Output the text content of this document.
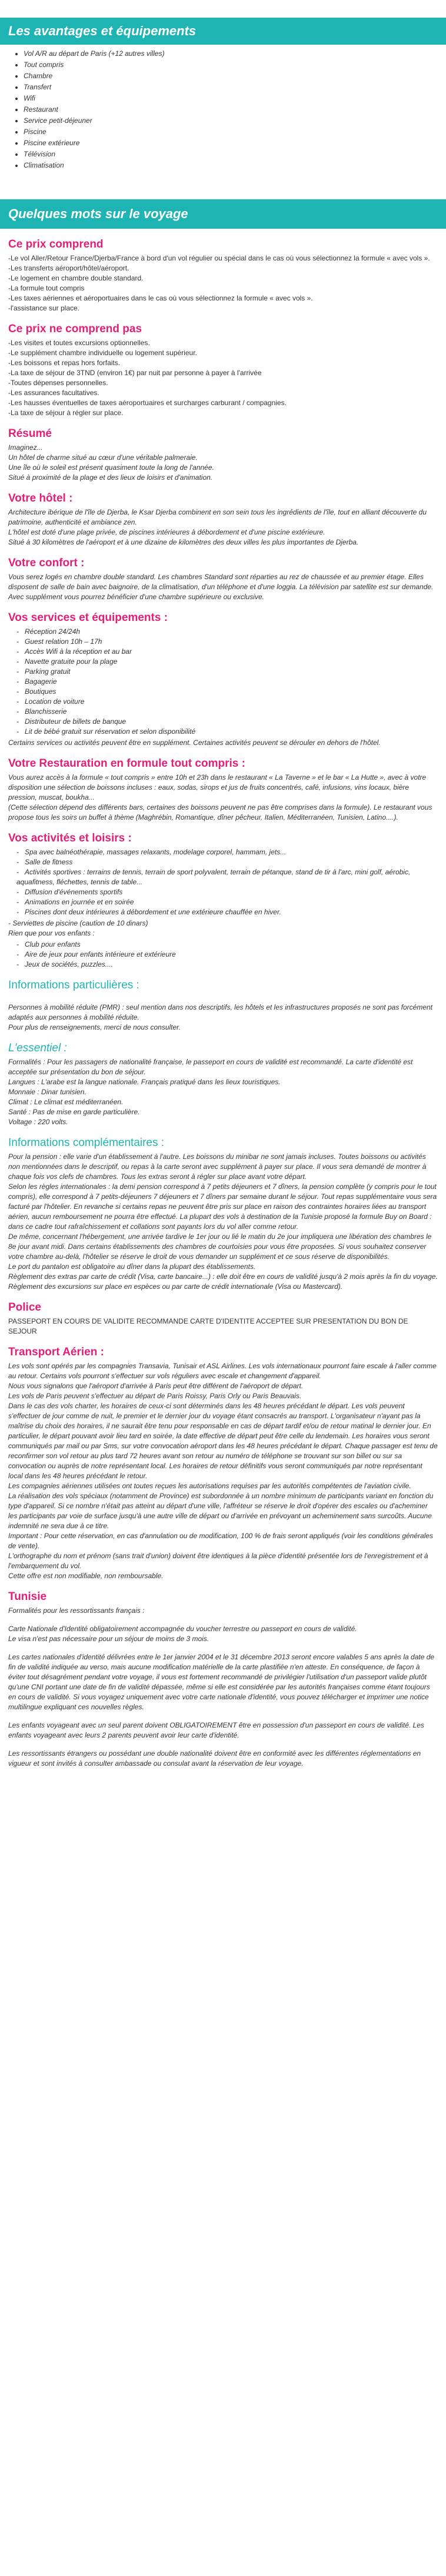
Les avantages et équipements
• Vol A/R au départ de Paris (+12 autres villes)
• Tout compris
• Chambre
• Transfert
• Wifi
• Restaurant
• Service petit-déjeuner
• Piscine
• Piscine extérieure
• Télévision
• Climatisation
Quelques mots sur le voyage
Ce prix comprend

-Le vol Aller/Retour France/Djerba/France à bord d'un vol régulier ou spécial dans le cas où vous sélectionnez la formule « avec vols ».

-Les transferts aéroport/hôtel/aéroport.

-Le logement en chambre double standard.

-La formule tout compris

-Les taxes aériennes et aéroportuaires dans le cas où vous sélectionnez la formule « avec vols ».

-l'assistance sur place.

Ce prix ne comprend pas

-Les visites et toutes excursions optionnelles.

-Le supplément chambre individuelle ou logement supérieur.

-Les boissons et repas hors forfaits.

-La taxe de séjour de 3TND (environ 1€) par nuit par personne à payer à l'arrivée

-Toutes dépenses personnelles.

-Les assurances facultatives.

-Les hausses éventuelles de taxes aéroportuaires et surcharges carburant / compagnies.

-La taxe de séjour à régler sur place.

Résumé

Imaginez...

Un hôtel de charme situé au cœur d'une véritable palmeraie.

Une île où le soleil est présent quasiment toute la long de l'année.

Situé à proximité de la plage et des lieux de loisirs et d'animation.

Votre hôtel :

Architecture ibérique de l'île de Djerba, le Ksar Djerba combinent en son sein tous les ingrédients de l'île, tout en alliant découverte du patrimoine, authenticité et ambiance zen.

L'hôtel est doté d'une plage privée, de piscines intérieures à débordement et d'une piscine extérieure.

Situé à 30 kilomètres de l'aéroport et à une dizaine de kilomètres des deux villes les plus importantes de Djerba.

Votre confort :

Vous serez logés en chambre double standard. Les chambres Standard sont réparties au rez de chaussée et au premier étage. Elles disposent de salle de bain avec baignoire, de la climatisation, d'un téléphone et d'une loggia. La télévision par satellite est sur demande.

Avec supplément vous pourrez bénéficier d'une chambre supérieure ou exclusive.

Vos services et équipements :
-   Réception 24/24h
-   Guest relation 10h – 17h
-   Accès Wifi à la réception et au bar
-   Navette gratuite pour la plage
-   Parking gratuit
-   Bagagerie
-   Boutiques
-   Location de voiture
-   Blanchisserie
-   Distributeur de billets de banque
-   Lit de bébé gratuit sur réservation et selon disponibilité

Certains services ou activités peuvent être en supplément. Certaines activités peuvent se dérouler en dehors de l'hôtel.

Votre Restauration en formule tout compris :

Vous aurez accès à la formule « tout compris » entre 10h et 23h dans le restaurant « La Taverne » et le bar « La Hutte », avec à votre disposition une sélection de boissons incluses : eaux, sodas, sirops et jus de fruits concentrés, café, infusions, vins locaux, bière pression, muscat, boukha...

(Cette sélection dépend des différents bars, certaines des boissons peuvent ne pas être comprises dans la formule). Le restaurant vous propose tous les soirs un buffet à thème (Maghrébin, Romantique, dîner pêcheur, Italien, Méditerranéen, Tunisien, Latino....).

Vos activités et loisirs :
-   Spa avec balnéothérapie, massages relaxants, modelage corporel, hammam, jets...
-   Salle de fitness
-   Activités sportives : terrains de tennis, terrain de sport polyvalent, terrain de pétanque, stand de tir à l'arc, mini golf, aérobic, aquafitness, fléchettes, tennis de table...
-   Diffusion d'événements sportifs
-   Animations en journée et en soirée
-   Piscines dont deux intérieures à débordement et une extérieure chauffée en hiver.

- Serviettes de piscine (caution de 10 dinars)

Rien que pour vos enfants :

-   Club pour enfants
-   Aire de jeux pour enfants intérieure et extérieure
-   Jeux de sociétés, puzzles....
Informations particulières :

Personnes à mobilité réduite (PMR) : seul mention dans nos descriptifs, les hôtels et les infrastructures proposés ne sont pas forcément adaptés aux personnes à mobilité réduite.

Pour plus de renseignements, merci de nous consulter.

L'essentiel :

Formalités : Pour les passagers de nationalité française, le passeport en cours de validité est recommandé. La carte d'identité est acceptée sur présentation du bon de séjour.

Langues : L'arabe est la langue nationale. Français pratiqué dans les lieux touristiques.

Monnaie : Dinar tunisien.

Climat : Le climat est méditerranéen.

Santé : Pas de mise en garde particulière.

Voltage : 220 volts.

Informations complémentaires :

Pour la pension : elle varie d'un établissement à l'autre. Les boissons du minibar ne sont jamais incluses. Toutes boissons ou activités non mentionnées dans le descriptif, ou repas à la carte seront avec supplément à payer sur place. Il vous sera demandé de montrer à chaque fois vos clefs de chambres. Tous les extras seront à régler sur place avant votre départ.

Selon les règles internationales : la demi pension correspond à 7 petits déjeuners et 7 dîners, la pension complète (y compris pour le tout compris), elle correspond à 7 petits-déjeuners 7 déjeuners et 7 dîners par semaine durant le séjour. Tout repas supplémentaire vous sera facturé par l'hôtelier. En revanche si certains repas ne peuvent être pris sur place en raison des contraintes horaires liées au transport aérien, aucun remboursement ne pourra être effectué. La plupart des vols à destination de la Tunisie proposé la formule Buy on Board : dans ce cadre tout rafraîchissement et collations sont payants lors du vol aller comme retour.

De même, concernant l'hébergement, une arrivée tardive le 1er jour ou lié le matin du 2e jour impliquera une libération des chambres le 8e jour avant midi. Dans certains établissements des chambres de courtoisies pour vous être proposées. Si vous souhaitez conserver votre chambre au-delà, l'hôtelier se réserve le droit de vous demander un supplément et ce sous réserve de disponibilités.

Le port du pantalon est obligatoire au dîner dans la plupart des établissements.

Règlement des extras par carte de crédit (Visa, carte bancaire...) : elle doit être en cours de validité jusqu'à 2 mois après la fin du voyage.

Règlement des excursions sur place en espèces ou par carte de crédit internationale (Visa ou Mastercard).

Police

PASSEPORT EN COURS DE VALIDITE RECOMMANDE CARTE D'IDENTITE ACCEPTEE SUR PRESENTATION DU BON DE SEJOUR

Transport Aérien :

Les vols sont opérés par les compagnies Transavia, Tunisair et ASL Airlines. Les vols internationaux pourront faire escale à l'aller comme au retour. Certains vols pourront s'effectuer sur vols réguliers avec escale et changement d'appareil.

Nous vous signalons que l'aéroport d'arrivée à Paris peut être différent de l'aéroport de départ.

Les vols de Paris peuvent s'effectuer au départ de Paris Roissy, Paris Orly ou Paris Beauvais.

Dans le cas des vols charter, les horaires de ceux-ci sont déterminés dans les 48 heures précédant le départ. Les vols peuvent s'effectuer de jour comme de nuit, le premier et le dernier jour du voyage étant consacrés au transport. L'organisateur n'ayant pas la maîtrise du choix des horaires, il ne saurait être tenu pour responsable en cas de départ tardif et/ou de retour matinal le dernier jour. En particulier, le départ pouvant avoir lieu tard en soirée, la date effective de départ peut être celle du lendemain. Les horaires vous seront communiqués par mail ou par Sms, sur votre convocation aéroport dans les 48 heures précédant le départ. Chaque passager est tenu de reconfirmer son vol retour au plus tard 72 heures avant son retour au numéro de téléphone se trouvant sur son billet ou sur sa convocation ou auprès de notre représentant local. Les horaires de retour définitifs vous seront communiqués par notre représentant local dans les 48 heures précédant le retour.

Les compagnies aériennes utilisées ont toutes reçues les autorisations requises par les autorités compétentes de l'aviation civile.

La réalisation des vols spéciaux (notamment de Province) est subordonnée à un nombre minimum de participants variant en fonction du type d'appareil. Si ce nombre n'était pas atteint au départ d'une ville, l'affréteur se réserve le droit d'opérer des escales ou d'acheminer les participants par voie de surface jusqu'à une autre ville de départ ou d'arrivée en prévoyant un acheminement sans surcoûts. Aucune indemnité ne sera due à ce titre.

Important : Pour cette réservation, en cas d'annulation ou de modification, 100 % de frais seront appliqués (voir les conditions générales de vente).

L'orthographe du nom et prénom (sans trait d'union) doivent être identiques à la pièce d'identité présentée lors de l'enregistrement et à l'embarquement du vol.

Cette offre est non modifiable, non remboursable.

Tunisie

Formalités pour les ressortissants français :

Carte Nationale d'Identité obligatoirement accompagnée du voucher terrestre ou passeport en cours de validité.

Le visa n'est pas nécessaire pour un séjour de moins de 3 mois.

Les cartes nationales d'identité délivrées entre le 1er janvier 2004 et le 31 décembre 2013 seront encore valables 5 ans après la date de fin de validité indiquée au verso, mais aucune modification matérielle de la carte plastifiée n'en atteste. En conséquence, de façon à éviter tout désagrément pendant votre voyage, il vous est fortement recommandé de privilégier l'utilisation d'un passeport valide plutôt qu'une CNI portant une date de fin de validité dépassée, même si elle est considérée par les autorités françaises comme étant toujours en cours de validité. Si vous voyagez uniquement avec votre carte nationale d'identité, vous pouvez télécharger et imprimer une notice multilingue expliquant ces nouvelles règles.

Les enfants voyageant avec un seul parent doivent OBLIGATOIREMENT être en possession d'un passeport en cours de validité. Les enfants voyageant avec leurs 2 parents peuvent avoir leur carte d'identité.

Les ressortissants étrangers ou possédant une double nationalité doivent être en conformité avec les différentes réglementations en vigueur et sont invités à consulter ambassade ou consulat avant la réservation de leur voyage.
